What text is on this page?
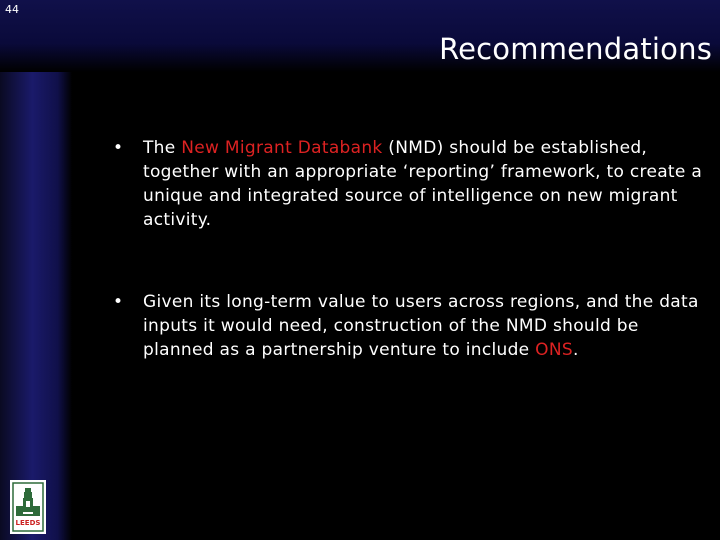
44
Recommendations
• The New Migrant Databank (NMD) should be established, together with an appropriate ‘reporting’ framework, to create a unique and integrated source of intelligence on new migrant activity.
• Given its long-term value to users across regions, and the data inputs it would need, construction of the NMD should be planned as a partnership venture to include ONS.
LEEDS
